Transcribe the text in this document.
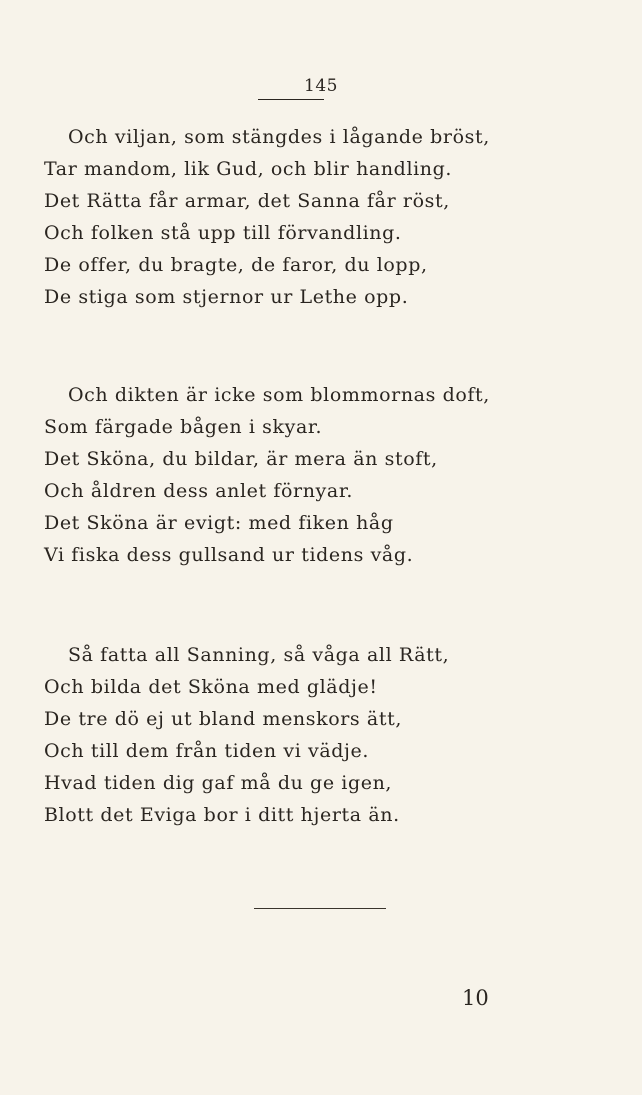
145
Och viljan, som stängdes i lågande bröst,
Tar mandom, lik Gud, och blir handling.
Det Rätta får armar, det Sanna får röst,
Och folken stå upp till förvandling.
De offer, du bragte, de faror, du lopp,
De stiga som stjernor ur Lethe opp.
Och dikten är icke som blommornas doft,
Som färgade bågen i skyar.
Det Sköna, du bildar, är mera än stoft,
Och åldren dess anlet förnyar.
Det Sköna är evigt: med fiken håg
Vi fiska dess gullsand ur tidens våg.
Så fatta all Sanning, så våga all Rätt,
Och bilda det Sköna med glädje!
De tre dö ej ut bland menskors ätt,
Och till dem från tiden vi vädje.
Hvad tiden dig gaf må du ge igen,
Blott det Eviga bor i ditt hjerta än.
10
